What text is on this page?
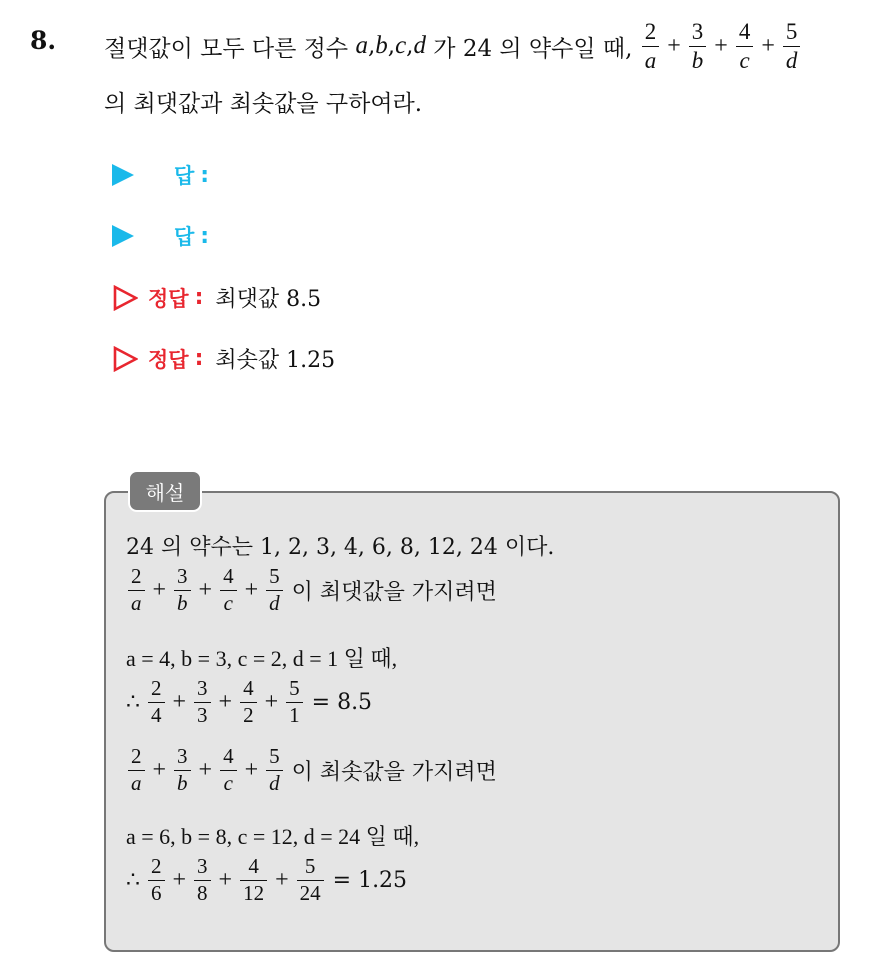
8. 절댓값이 모두 다른 정수
a , b , c , d
가 24 의 약수일 때,
$\frac{2}{a} + \frac{3}{b} + \frac{4}{c} + \frac{5}{d}$
의 최댓값과 최솟값을 구하여라.
답 :
답 :
정답 : 최댓값 8.5
정답 : 최솟값 1.25
해설
24 의 약수는 1, 2, 3, 4, 6, 8, 12, 24 이다.
$\frac{2}{a} + \frac{3}{b} + \frac{4}{c} + \frac{5}{d}$
이 최댓값을 가지려면
a = 4, b = 3, c = 2, d = 1 일 때,
∴ $\frac{2}{4} + \frac{3}{3} + \frac{4}{2} + \frac{5}{1}$
= 8.5
$\frac{2}{a} + \frac{3}{b} + \frac{4}{c} + \frac{5}{d}$
이 최솟값을 가지려면
a = 6, b = 8, c = 12, d = 24 일 때,
∴ $\frac{2}{6} + \frac{3}{8} + \frac{4}{12} + \frac{5}{24}$
= 1.25
